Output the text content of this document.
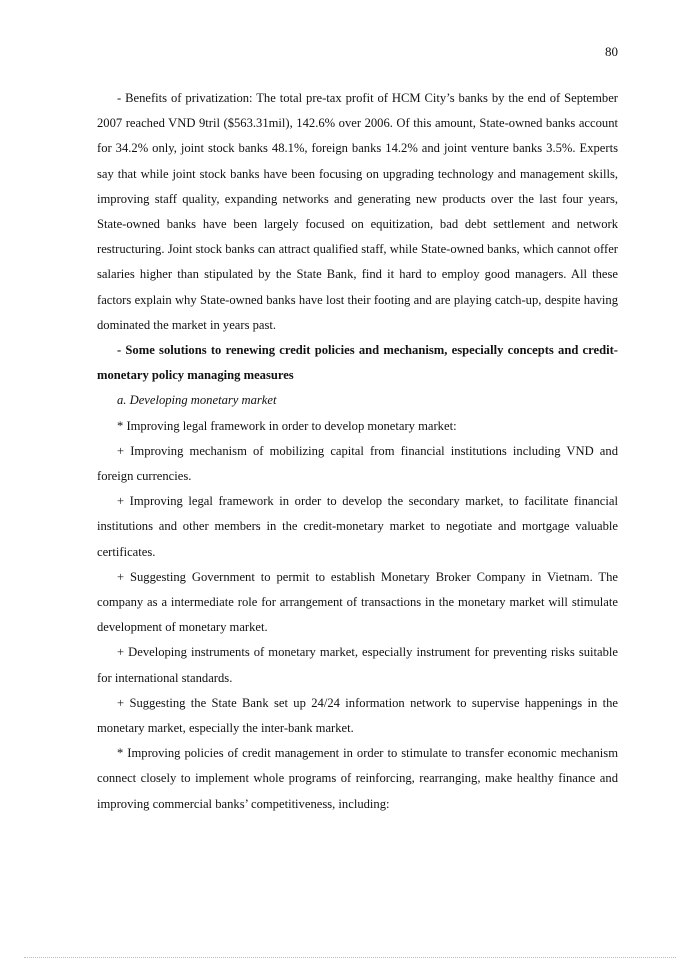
80

- Benefits of privatization: The total pre-tax profit of HCM City’s banks by the end of September 2007 reached VND 9tril ($563.31mil), 142.6% over 2006. Of this amount, State-owned banks account for 34.2% only, joint stock banks 48.1%, foreign banks 14.2% and joint venture banks 3.5%. Experts say that while joint stock banks have been focusing on upgrading technology and management skills, improving staff quality, expanding networks and generating new products over the last four years, State-owned banks have been largely focused on equitization, bad debt settlement and network restructuring. Joint stock banks can attract qualified staff, while State-owned banks, which cannot offer salaries higher than stipulated by the State Bank, find it hard to employ good managers. All these factors explain why State-owned banks have lost their footing and are playing catch-up, despite having dominated the market in years past.

- Some solutions to renewing credit policies and mechanism, especially concepts and credit-monetary policy managing measures

a. Developing monetary market

* Improving legal framework in order to develop monetary market:

+ Improving mechanism of mobilizing capital from financial institutions including VND and foreign currencies.

+ Improving legal framework in order to develop the secondary market, to facilitate financial institutions and other members in the credit-monetary market to negotiate and mortgage valuable certificates.

+ Suggesting Government to permit to establish Monetary Broker Company in Vietnam. The company as a intermediate role for arrangement of transactions in the monetary market will stimulate development of monetary market.

+ Developing instruments of monetary market, especially instrument for preventing risks suitable for international standards.

+ Suggesting the State Bank set up 24/24 information network to supervise happenings in the monetary market, especially the inter-bank market.

* Improving policies of credit management in order to stimulate to transfer economic mechanism connect closely to implement whole programs of reinforcing, rearranging, make healthy finance and improving commercial banks’ competitiveness, including:
